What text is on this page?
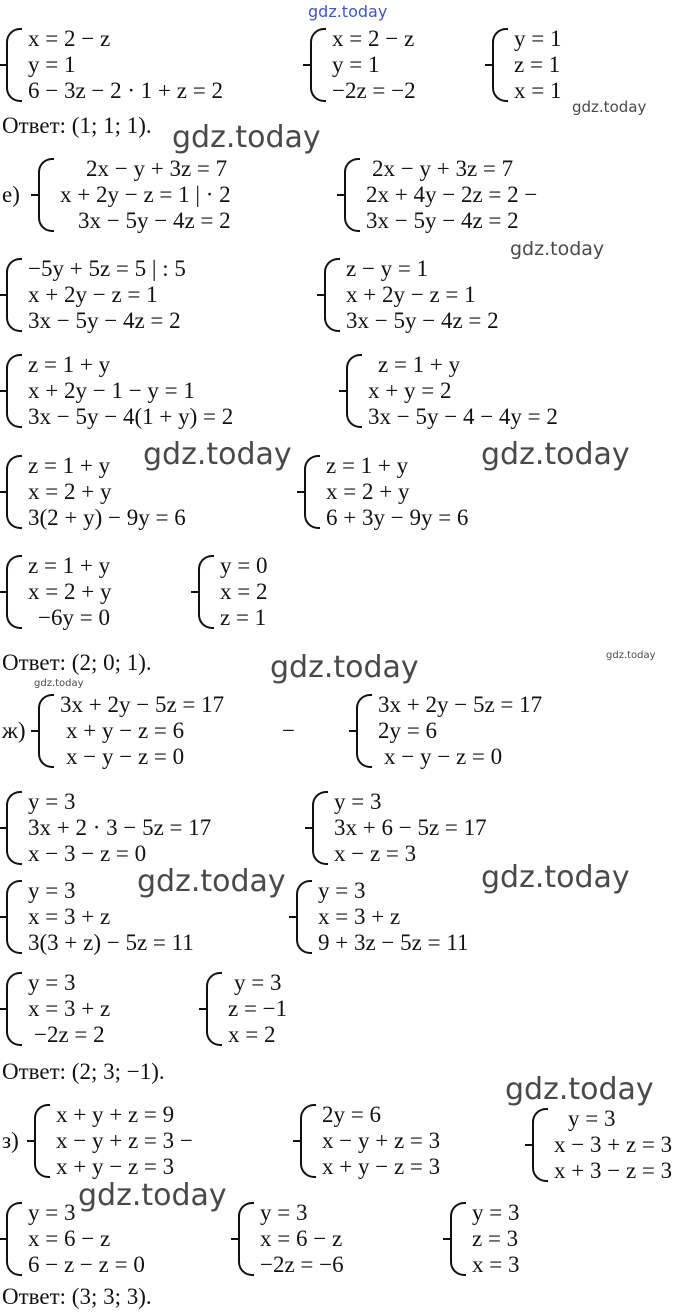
gdz.today
x = 2 − z
y = 1
6 − 3z − 2 · 1 + z = 2
x = 2 − z
y = 1
−2z = −2
y = 1
z = 1
x = 1
gdz.today
Ответ: (1; 1; 1). gdz.today
е)
2x − y + 3z = 7
x + 2y − z = 1 | · 2
3x − 5y − 4z = 2
2x − y + 3z = 7
2x + 4y − 2z = 2 −
3x − 5y − 4z = 2
gdz.today
−5y + 5z = 5 | : 5
x + 2y − z = 1
3x − 5y − 4z = 2
z − y = 1
x + 2y − z = 1
3x − 5y − 4z = 2
z = 1 + y
x + 2y − 1 − y = 1
3x − 5y − 4(1 + y) = 2
z = 1 + y
x + y = 2
3x − 5y − 4 − 4y = 2
z = 1 + y
x = 2 + y
3(2 + y) − 9y = 6
gdz.today z = 1 + y
x = 2 + y
6 + 3y − 9y = 6
gdz.today
z = 1 + y
x = 2 + y
−6y = 0
y = 0
x = 2
z = 1
Ответ: (2; 0; 1).	gdz.today	gdz.today
gdz.today
ж)
3x + 2y − 5z = 17
x + y − z = 6
x − y − z = 0
−
3x + 2y − 5z = 17
2y = 6
x − y − z = 0
y = 3
3x + 2 · 3 − 5z = 17
x − 3 − z = 0
y = 3
3x + 6 − 5z = 17
x − z = 3
y = 3
x = 3 + z
3(3 + z) − 5z = 11
gdz.today y = 3
x = 3 + z
9 + 3z − 5z = 11
gdz.today
y = 3
x = 3 + z
−2z = 2
y = 3
z = −1
x = 2
Ответ: (2; 3; −1).
gdz.today
з)
x + y + z = 9
x − y + z = 3 −
x + y − z = 3
2y = 6
x − y + z = 3
x + y − z = 3
y = 3
x − 3 + z = 3
x + 3 − z = 3
gdz.today
y = 3
x = 6 − z
6 − z − z = 0
y = 3
x = 6 − z
−2z = −6
y = 3
z = 3
x = 3
Ответ: (3; 3; 3).
